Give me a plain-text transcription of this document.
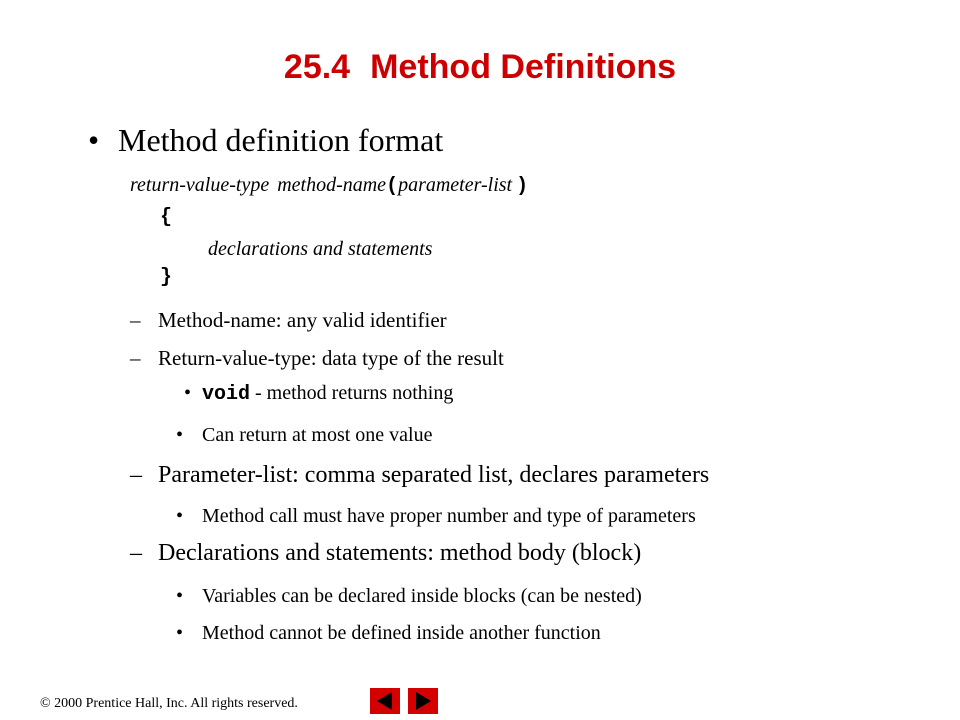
25.4 Method Definitions
• Method definition format
return-value-type method-name(parameter-list )
{
declarations and statements
}
– Method-name: any valid identifier
– Return-value-type: data type of the result
• void - method returns nothing
• Can return at most one value
– Parameter-list: comma separated list, declares parameters
• Method call must have proper number and type of parameters
– Declarations and statements: method body (block)
• Variables can be declared inside blocks (can be nested)
• Method cannot be defined inside another function
© 2000 Prentice Hall, Inc. All rights reserved.
